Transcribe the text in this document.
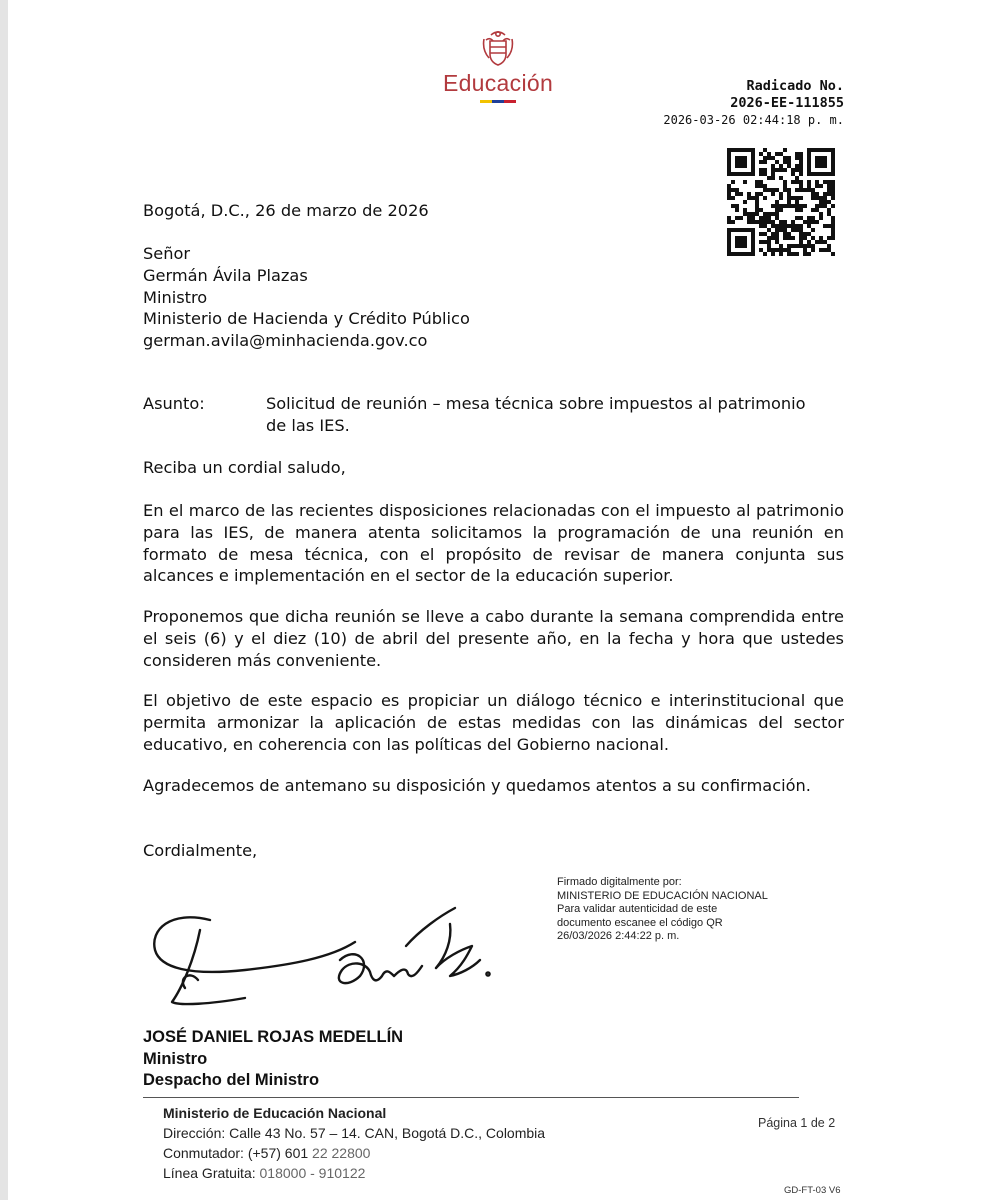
Educación	Radicado No.
2026-EE-111855
2026-03-26 02:44:18 p. m.
Bogotá, D.C., 26 de marzo de 2026
Señor
Germán Ávila Plazas
Ministro
Ministerio de Hacienda y Crédito Público
german.avila@minhacienda.gov.co
Asunto:	Solicitud de reunión – mesa técnica sobre impuestos al patrimonio
de las IES.
Reciba un cordial saludo,
En el marco de las recientes disposiciones relacionadas con el impuesto al patrimonio para las IES, de manera atenta solicitamos la programación de una reunión en formato de mesa técnica, con el propósito de revisar de manera conjunta sus alcances e implementación en el sector de la educación superior.
Proponemos que dicha reunión se lleve a cabo durante la semana comprendida entre el seis (6) y el diez (10) de abril del presente año, en la fecha y hora que ustedes consideren más conveniente.
El objetivo de este espacio es propiciar un diálogo técnico e interinstitucional que permita armonizar la aplicación de estas medidas con las dinámicas del sector educativo, en coherencia con las políticas del Gobierno nacional.
Agradecemos de antemano su disposición y quedamos atentos a su confirmación.
Cordialmente,
Firmado digitalmente por:
MINISTERIO DE EDUCACIÓN NACIONAL
Para validar autenticidad de este
documento escanee el código QR
26/03/2026 2:44:22 p. m.
JOSÉ DANIEL ROJAS MEDELLÍN
Ministro
Despacho del Ministro
Ministerio de Educación Nacional
Dirección: Calle 43 No. 57 – 14. CAN, Bogotá D.C., Colombia
Conmutador: (+57) 601 22 22800
Línea Gratuita: 018000 - 910122
Página 1 de 2
GD-FT-03 V6
